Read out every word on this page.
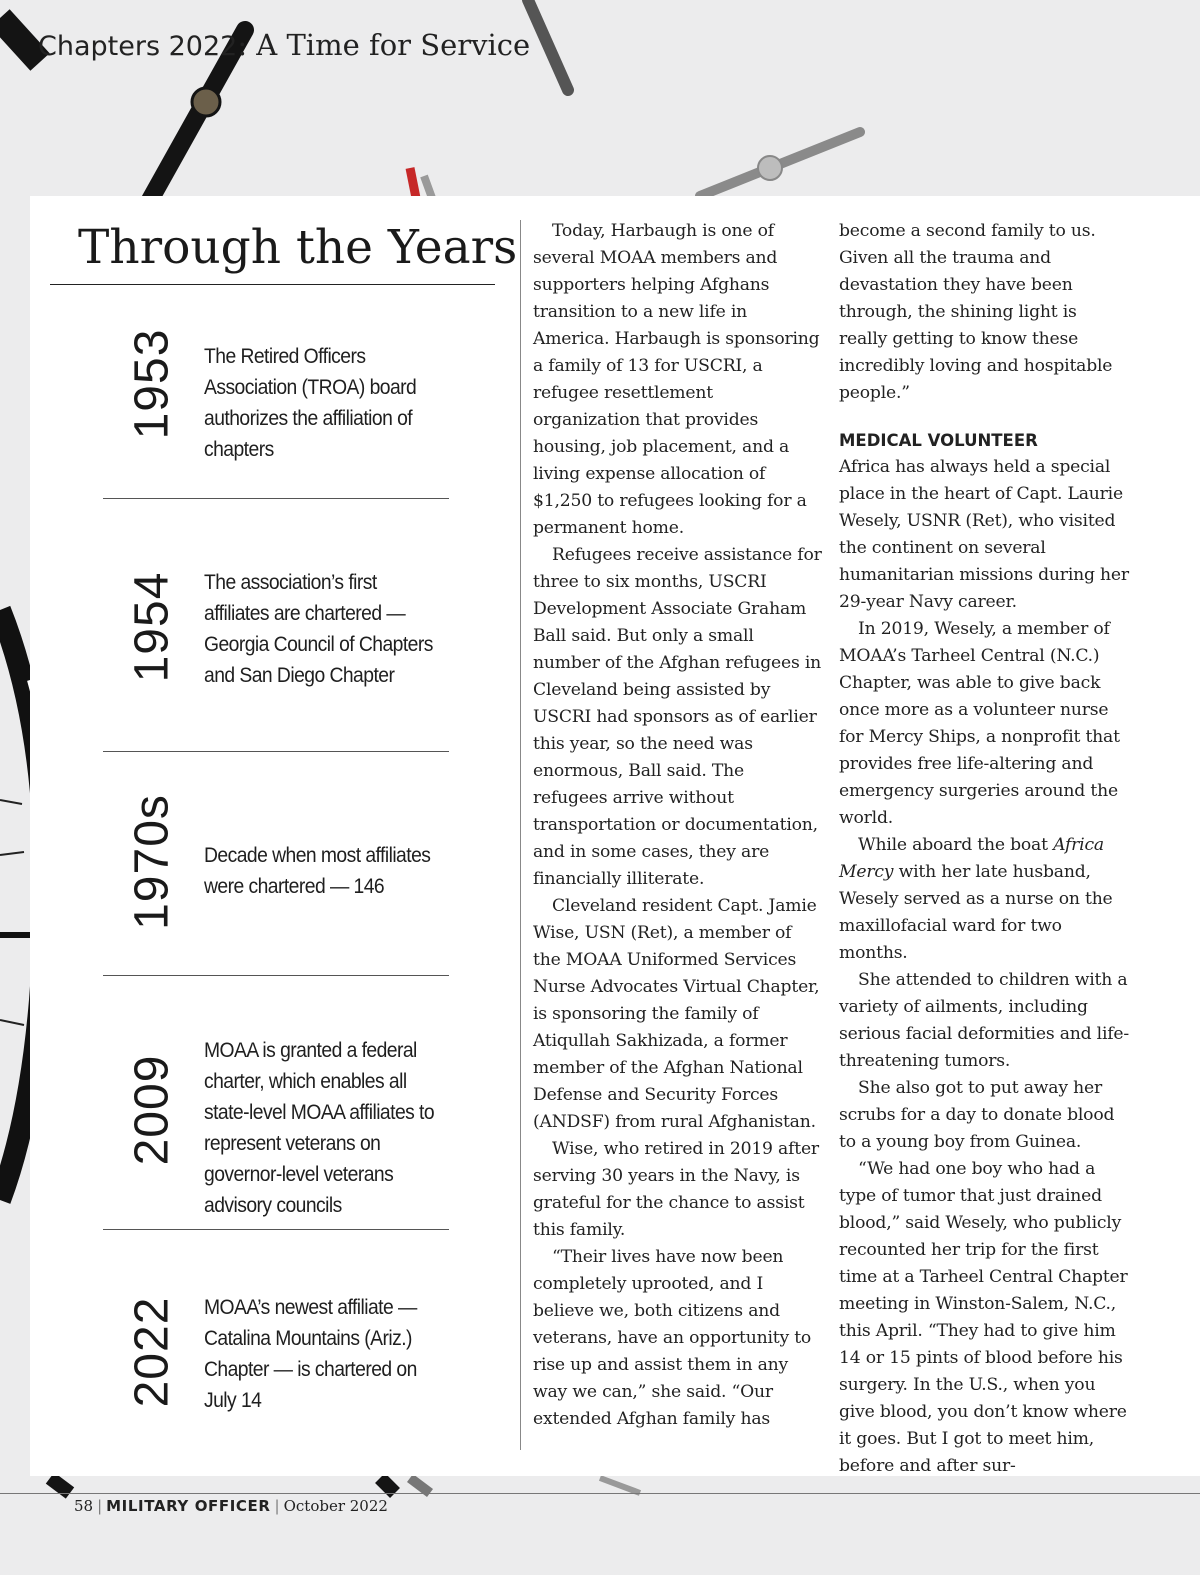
Chapters 2022: A Time for Service
Through the Years
1953 The Retired Officers Association (TROA) board authorizes the affiliation of chapters
1954 The association’s first affiliates are chartered — Georgia Council of Chapters and San Diego Chapter
1970s Decade when most affiliates were chartered — 146
2009
MOAA is granted a federal charter, which enables all state-level MOAA affiliates to represent veterans on governor-level veterans advisory councils
2022 MOAA’s newest affiliate — Catalina Mountains (Ariz.) Chapter — is chartered on July 14

Today, Harbaugh is one of several MOAA members and supporters helping Afghans transition to a new life in America. Harbaugh is sponsoring a family of 13 for USCRI, a refugee resettlement organization that provides housing, job placement, and a living expense allocation of $1,250 to refugees looking for a permanent home.

Refugees receive assistance for three to six months, USCRI Development Associate Graham Ball said. But only a small number of the Afghan refugees in Cleveland being assisted by USCRI had sponsors as of earlier this year, so the need was enormous, Ball said. The refugees arrive without transportation or documentation, and in some cases, they are financially illiterate.

Cleveland resident Capt. Jamie Wise, USN (Ret), a member of the MOAA Uniformed Services Nurse Advocates Virtual Chapter, is sponsoring the family of Atiqullah Sakhizada, a former member of the Afghan National Defense and Security Forces (ANDSF) from rural Afghanistan.

Wise, who retired in 2019 after serving 30 years in the Navy, is grateful for the chance to assist this family.

“Their lives have now been completely uprooted, and I believe we, both citizens and veterans, have an opportunity to rise up and assist them in any way we can,” she said. “Our extended Afghan family has

become a second family to us. Given all the trauma and devastation they have been through, the shining light is really getting to know these incredibly loving and hospitable people.”

MEDICAL VOLUNTEER

Africa has always held a special place in the heart of Capt. Laurie Wesely, USNR (Ret), who visited the continent on several humanitarian missions during her 29-year Navy career.

In 2019, Wesely, a member of MOAA’s Tarheel Central (N.C.) Chapter, was able to give back once more as a volunteer nurse for Mercy Ships, a nonprofit that provides free life-altering and emergency surgeries around the world.

While aboard the boat Africa Mercy with her late husband, Wesely served as a nurse on the maxillofacial ward for two months.

She attended to children with a variety of ailments, including serious facial deformities and life-threatening tumors.

She also got to put away her scrubs for a day to donate blood to a young boy from Guinea.

“We had one boy who had a type of tumor that just drained blood,” said Wesely, who publicly recounted her trip for the first time at a Tarheel Central Chapter meeting in Winston-Salem, N.C., this April. “They had to give him 14 or 15 pints of blood before his surgery. In the U.S., when you give blood, you don’t know where it goes. But I got to meet him, before and after sur-

58 | MILITARY OFFICER | October 2022
